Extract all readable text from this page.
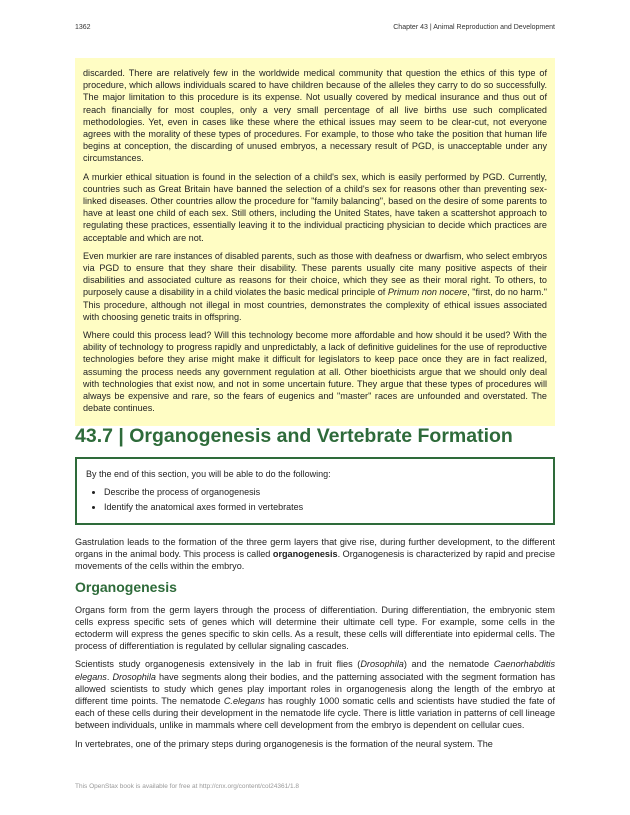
1362	Chapter 43 | Animal Reproduction and Development

discarded. There are relatively few in the worldwide medical community that question the ethics of this type of procedure, which allows individuals scared to have children because of the alleles they carry to do so successfully. The major limitation to this procedure is its expense. Not usually covered by medical insurance and thus out of reach financially for most couples, only a very small percentage of all live births use such complicated methodologies. Yet, even in cases like these where the ethical issues may seem to be clear-cut, not everyone agrees with the morality of these types of procedures. For example, to those who take the position that human life begins at conception, the discarding of unused embryos, a necessary result of PGD, is unacceptable under any circumstances.

A murkier ethical situation is found in the selection of a child's sex, which is easily performed by PGD. Currently, countries such as Great Britain have banned the selection of a child's sex for reasons other than preventing sex-linked diseases. Other countries allow the procedure for "family balancing", based on the desire of some parents to have at least one child of each sex. Still others, including the United States, have taken a scattershot approach to regulating these practices, essentially leaving it to the individual practicing physician to decide which practices are acceptable and which are not.

Even murkier are rare instances of disabled parents, such as those with deafness or dwarfism, who select embryos via PGD to ensure that they share their disability. These parents usually cite many positive aspects of their disabilities and associated culture as reasons for their choice, which they see as their moral right. To others, to purposely cause a disability in a child violates the basic medical principle of Primum non nocere, "first, do no harm." This procedure, although not illegal in most countries, demonstrates the complexity of ethical issues associated with choosing genetic traits in offspring.

Where could this process lead? Will this technology become more affordable and how should it be used? With the ability of technology to progress rapidly and unpredictably, a lack of definitive guidelines for the use of reproductive technologies before they arise might make it difficult for legislators to keep pace once they are in fact realized, assuming the process needs any government regulation at all. Other bioethicists argue that we should only deal with technologies that exist now, and not in some uncertain future. They argue that these types of procedures will always be expensive and rare, so the fears of eugenics and "master" races are unfounded and overstated. The debate continues.

43.7 | Organogenesis and Vertebrate Formation

By the end of this section, you will be able to do the following:

• Describe the process of organogenesis
• Identify the anatomical axes formed in vertebrates

Gastrulation leads to the formation of the three germ layers that give rise, during further development, to the different organs in the animal body. This process is called organogenesis. Organogenesis is characterized by rapid and precise movements of the cells within the embryo.

Organogenesis

Organs form from the germ layers through the process of differentiation. During differentiation, the embryonic stem cells express specific sets of genes which will determine their ultimate cell type. For example, some cells in the ectoderm will express the genes specific to skin cells. As a result, these cells will differentiate into epidermal cells. The process of differentiation is regulated by cellular signaling cascades.

Scientists study organogenesis extensively in the lab in fruit flies (Drosophila) and the nematode Caenorhabditis elegans. Drosophila have segments along their bodies, and the patterning associated with the segment formation has allowed scientists to study which genes play important roles in organogenesis along the length of the embryo at different time points. The nematode C.elegans has roughly 1000 somatic cells and scientists have studied the fate of each of these cells during their development in the nematode life cycle. There is little variation in patterns of cell lineage between individuals, unlike in mammals where cell development from the embryo is dependent on cellular cues.

In vertebrates, one of the primary steps during organogenesis is the formation of the neural system. The

This OpenStax book is available for free at http://cnx.org/content/col24361/1.8
